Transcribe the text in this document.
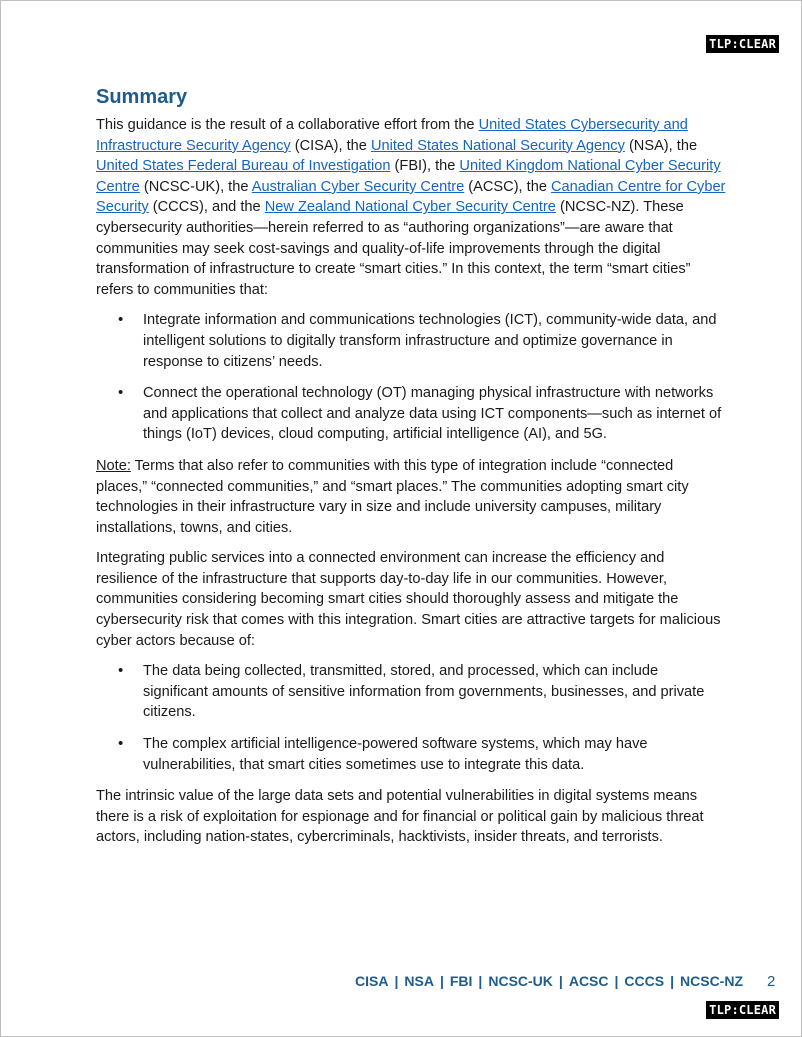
TLP:CLEAR
Summary

This guidance is the result of a collaborative effort from the United States Cybersecurity and Infrastructure Security Agency (CISA), the United States National Security Agency (NSA), the United States Federal Bureau of Investigation (FBI), the United Kingdom National Cyber Security Centre (NCSC-UK), the Australian Cyber Security Centre (ACSC), the Canadian Centre for Cyber Security (CCCS), and the New Zealand National Cyber Security Centre (NCSC-NZ). These cybersecurity authorities—herein referred to as “authoring organizations”—are aware that communities may seek cost-savings and quality-of-life improvements through the digital transformation of infrastructure to create “smart cities.” In this context, the term “smart cities” refers to communities that:

• Integrate information and communications technologies (ICT), community-wide data, and intelligent solutions to digitally transform infrastructure and optimize governance in response to citizens’ needs.
• Connect the operational technology (OT) managing physical infrastructure with networks and applications that collect and analyze data using ICT components—such as internet of things (IoT) devices, cloud computing, artificial intelligence (AI), and 5G.

Note: Terms that also refer to communities with this type of integration include “connected places,” “connected communities,” and “smart places.” The communities adopting smart city technologies in their infrastructure vary in size and include university campuses, military installations, towns, and cities.

Integrating public services into a connected environment can increase the efficiency and resilience of the infrastructure that supports day-to-day life in our communities. However, communities considering becoming smart cities should thoroughly assess and mitigate the cybersecurity risk that comes with this integration. Smart cities are attractive targets for malicious cyber actors because of:

• The data being collected, transmitted, stored, and processed, which can include significant amounts of sensitive information from governments, businesses, and private citizens.
• The complex artificial intelligence-powered software systems, which may have vulnerabilities, that smart cities sometimes use to integrate this data.

The intrinsic value of the large data sets and potential vulnerabilities in digital systems means there is a risk of exploitation for espionage and for financial or political gain by malicious threat actors, including nation-states, cybercriminals, hacktivists, insider threats, and terrorists.

CISA | NSA | FBI | NCSC-UK | ACSC | CCCS | NCSC-NZ 2
TLP:CLEAR
